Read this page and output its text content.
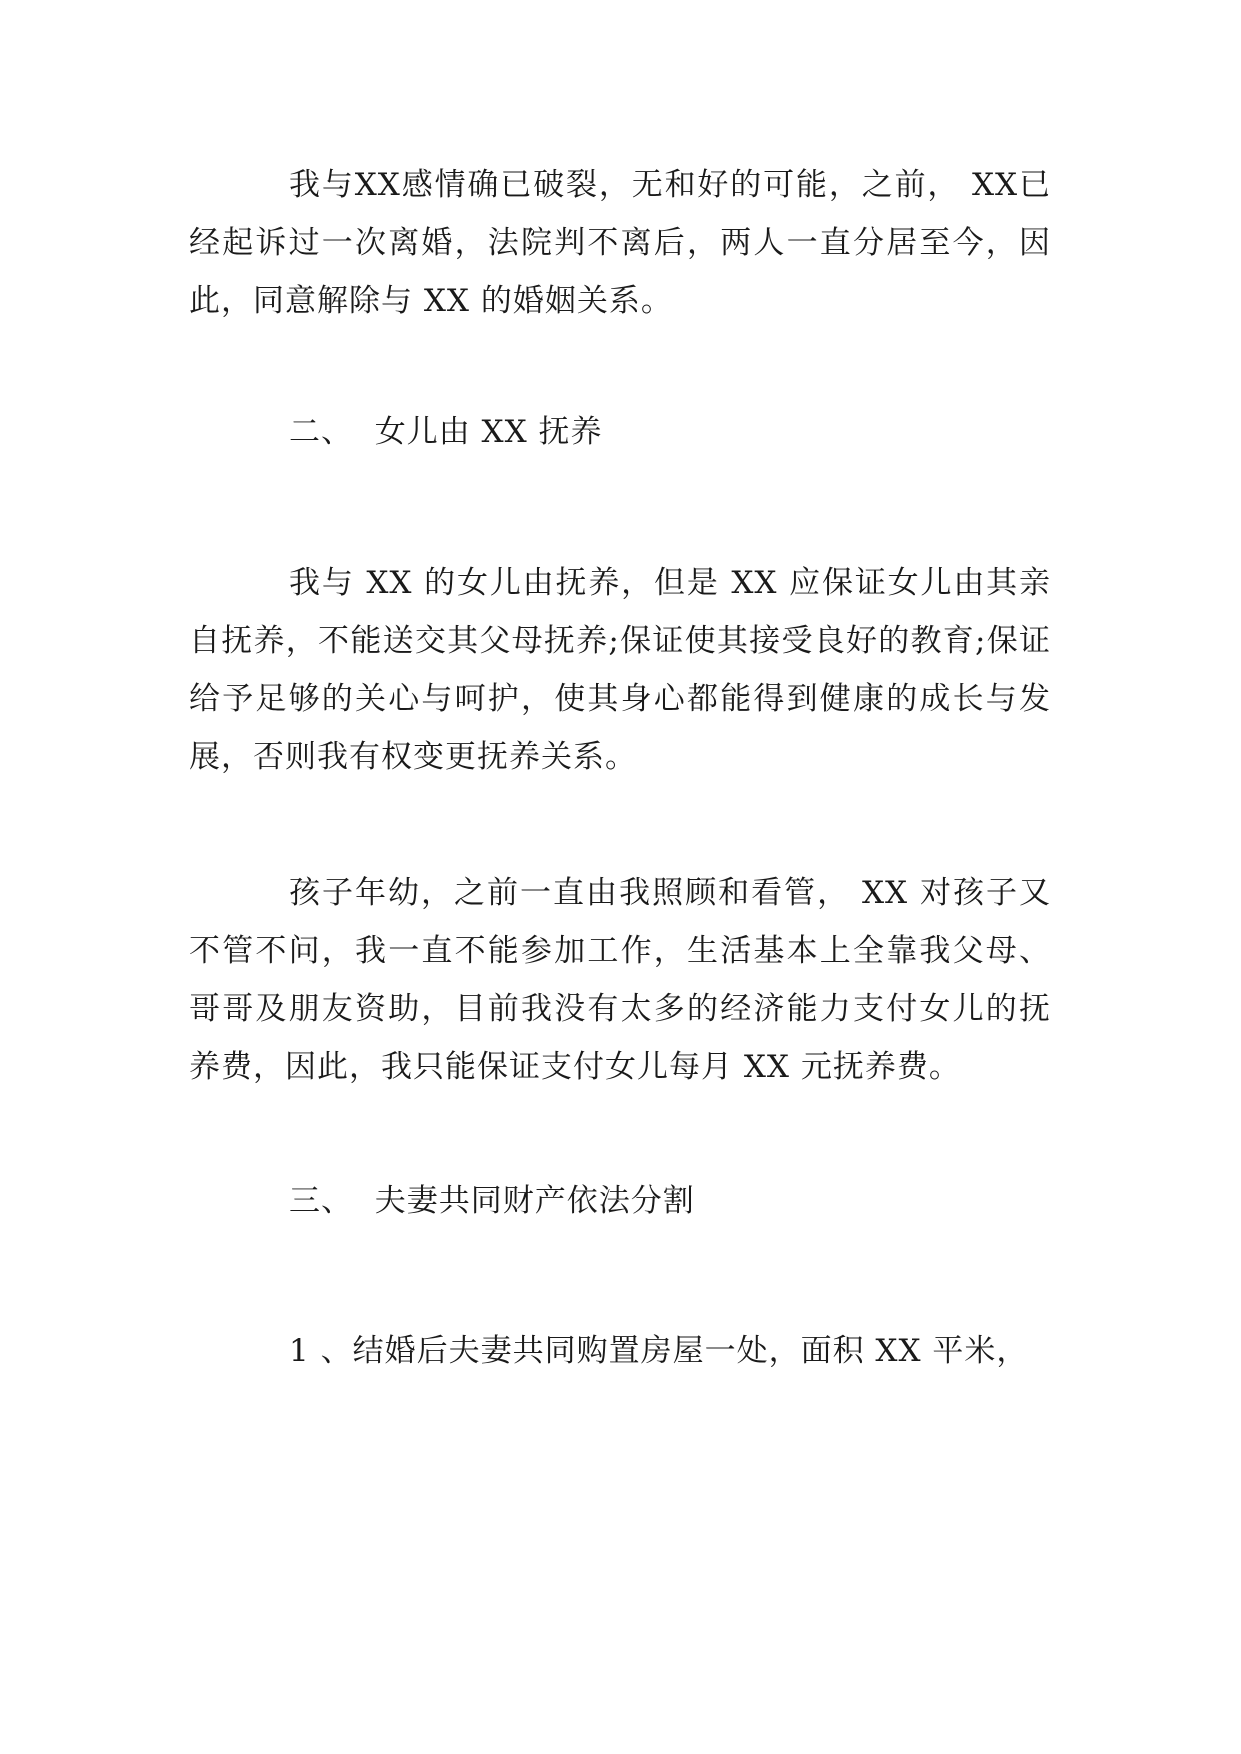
我与XX感情确已破裂，无和好的可能，之前， XX已经起诉过一次离婚，法院判不离后，两人一直分居至今，因此，同意解除与 XX 的婚姻关系。

二、  女儿由 XX 抚养

我与 XX 的女儿由抚养，但是 XX 应保证女儿由其亲自抚养，不能送交其父母抚养;保证使其接受良好的教育;保证给予足够的关心与呵护，使其身心都能得到健康的成长与发展，否则我有权变更抚养关系。

孩子年幼，之前一直由我照顾和看管， XX 对孩子又不管不问，我一直不能参加工作，生活基本上全靠我父母、哥哥及朋友资助，目前我没有太多的经济能力支付女儿的抚养费，因此，我只能保证支付女儿每月 XX 元抚养费。

三、  夫妻共同财产依法分割

1 、结婚后夫妻共同购置房屋一处，面积 XX 平米，
